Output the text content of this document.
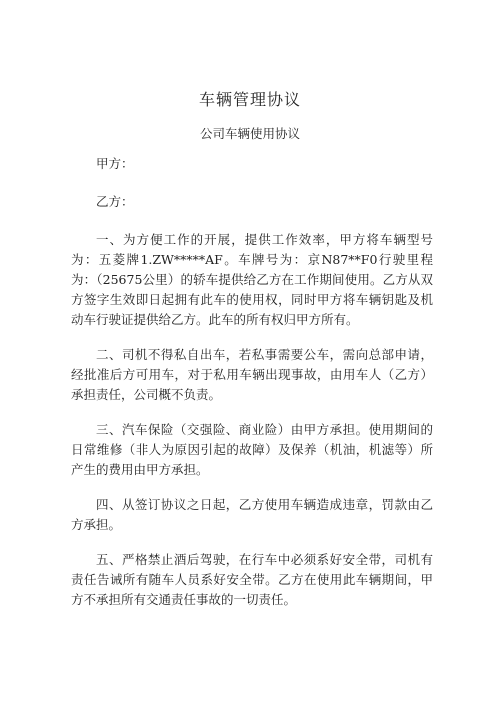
车辆管理协议
公司车辆使用协议

甲方：

乙方：

一、为方便工作的开展，提供工作效率，甲方将车辆型号为：五菱牌1.ZW*****AF。车牌号为：京N87**F0行驶里程为：（25675公里）的轿车提供给乙方在工作期间使用。乙方从双方签字生效即日起拥有此车的使用权，同时甲方将车辆钥匙及机动车行驶证提供给乙方。此车的所有权归甲方所有。

二、司机不得私自出车，若私事需要公车，需向总部申请，经批准后方可用车，对于私用车辆出现事故，由用车人（乙方）承担责任，公司概不负责。

三、汽车保险（交强险、商业险）由甲方承担。使用期间的日常维修（非人为原因引起的故障）及保养（机油，机滤等）所产生的费用由甲方承担。

四、从签订协议之日起，乙方使用车辆造成违章，罚款由乙方承担。

五、严格禁止酒后驾驶，在行车中必须系好安全带，司机有责任告诫所有随车人员系好安全带。乙方在使用此车辆期间，甲方不承担所有交通责任事故的一切责任。
